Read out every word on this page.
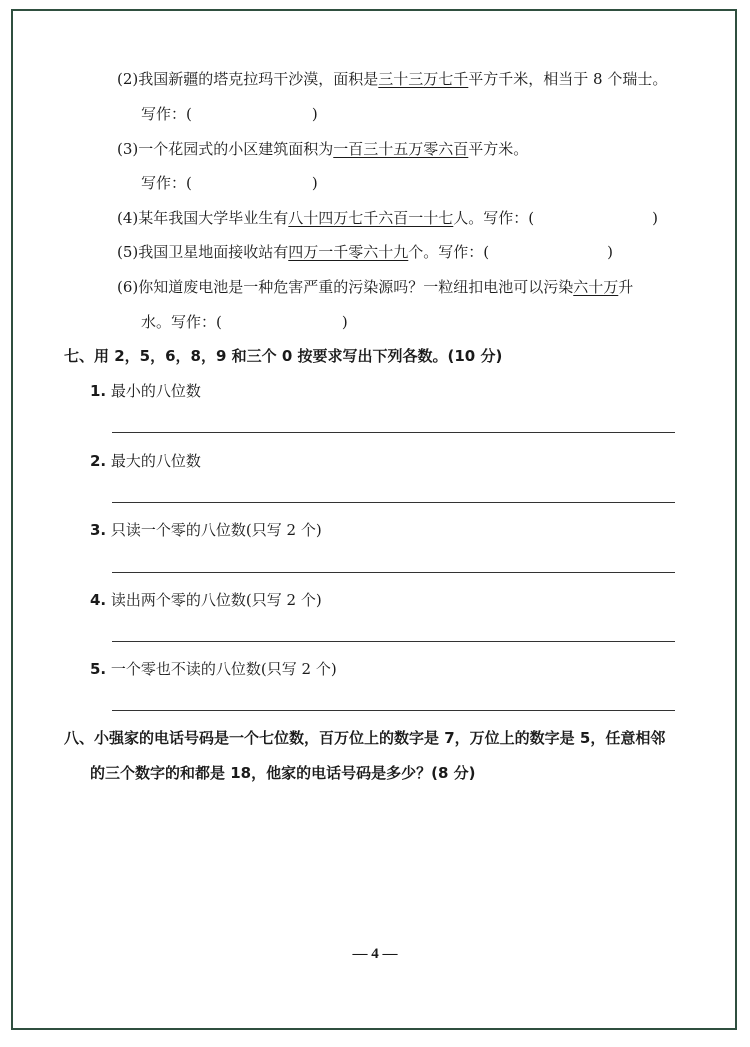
(2)我国新疆的塔克拉玛干沙漠，面积是三十三万七千平方千米，相当于 8 个瑞士。
写作：(	)
(3)一个花园式的小区建筑面积为一百三十五万零六百平方米。
写作：(	)
(4)某年我国大学毕业生有八十四万七千六百一十七人。写作：(	)
(5)我国卫星地面接收站有四万一千零六十九个。写作：(	)
(6)你知道废电池是一种危害严重的污染源吗？一粒纽扣电池可以污染六十万升
水。写作：(	)
七、用 2，5，6，8，9 和三个 0 按要求写出下列各数。(10 分)
1. 最小的八位数
2. 最大的八位数
3. 只读一个零的八位数(只写 2 个)
4. 读出两个零的八位数(只写 2 个)
5. 一个零也不读的八位数(只写 2 个)
八、小强家的电话号码是一个七位数，百万位上的数字是 7，万位上的数字是 5，任意相邻
的三个数字的和都是 18，他家的电话号码是多少？(8 分)
— 4 —
